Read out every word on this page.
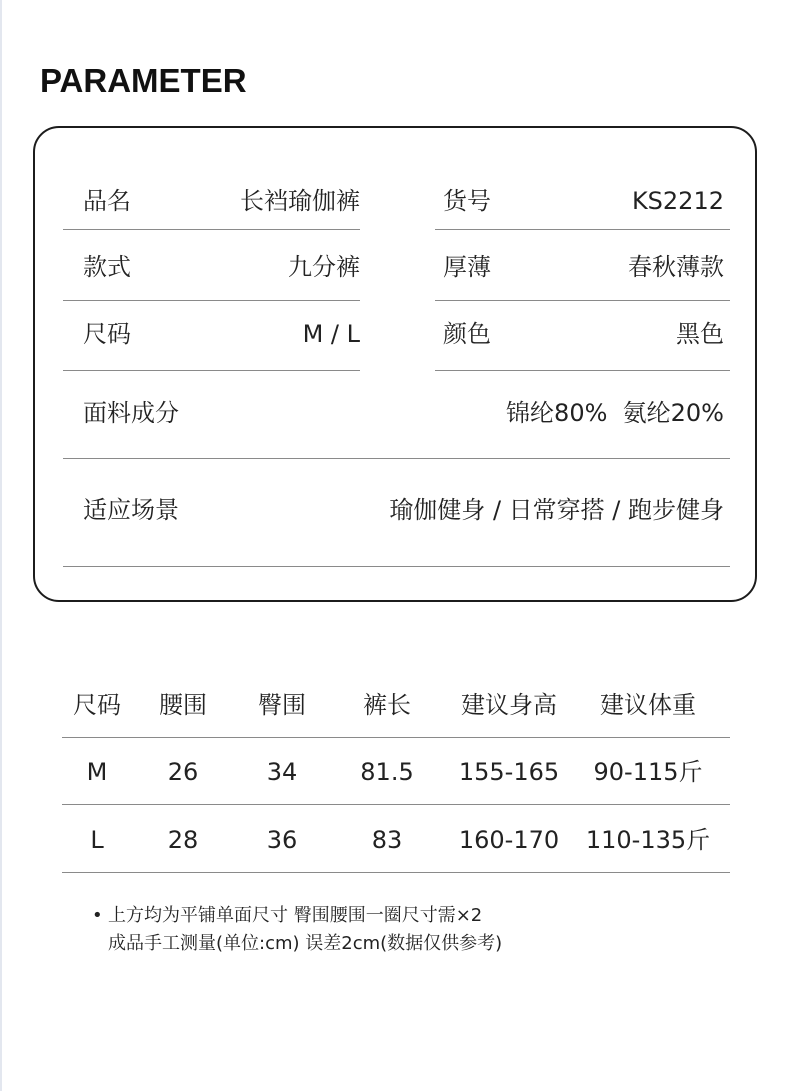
PARAMETER
品名	长裆瑜伽裤	货号	KS2212
款式	九分裤	厚薄	春秋薄款
尺码	M / L	颜色	黑色
面料成分	锦纶80%  氨纶20%
适应场景	瑜伽健身 / 日常穿搭 / 跑步健身
尺码 腰围 臀围 裤长 建议身高 建议体重
M	26	34	81.5 155-165 90-115斤
L	28	36	83 160-170 110-135斤
• 上方均为平铺单面尺寸 臀围腰围一圈尺寸需×2
成品手工测量(单位:cm) 误差2cm(数据仅供参考)
